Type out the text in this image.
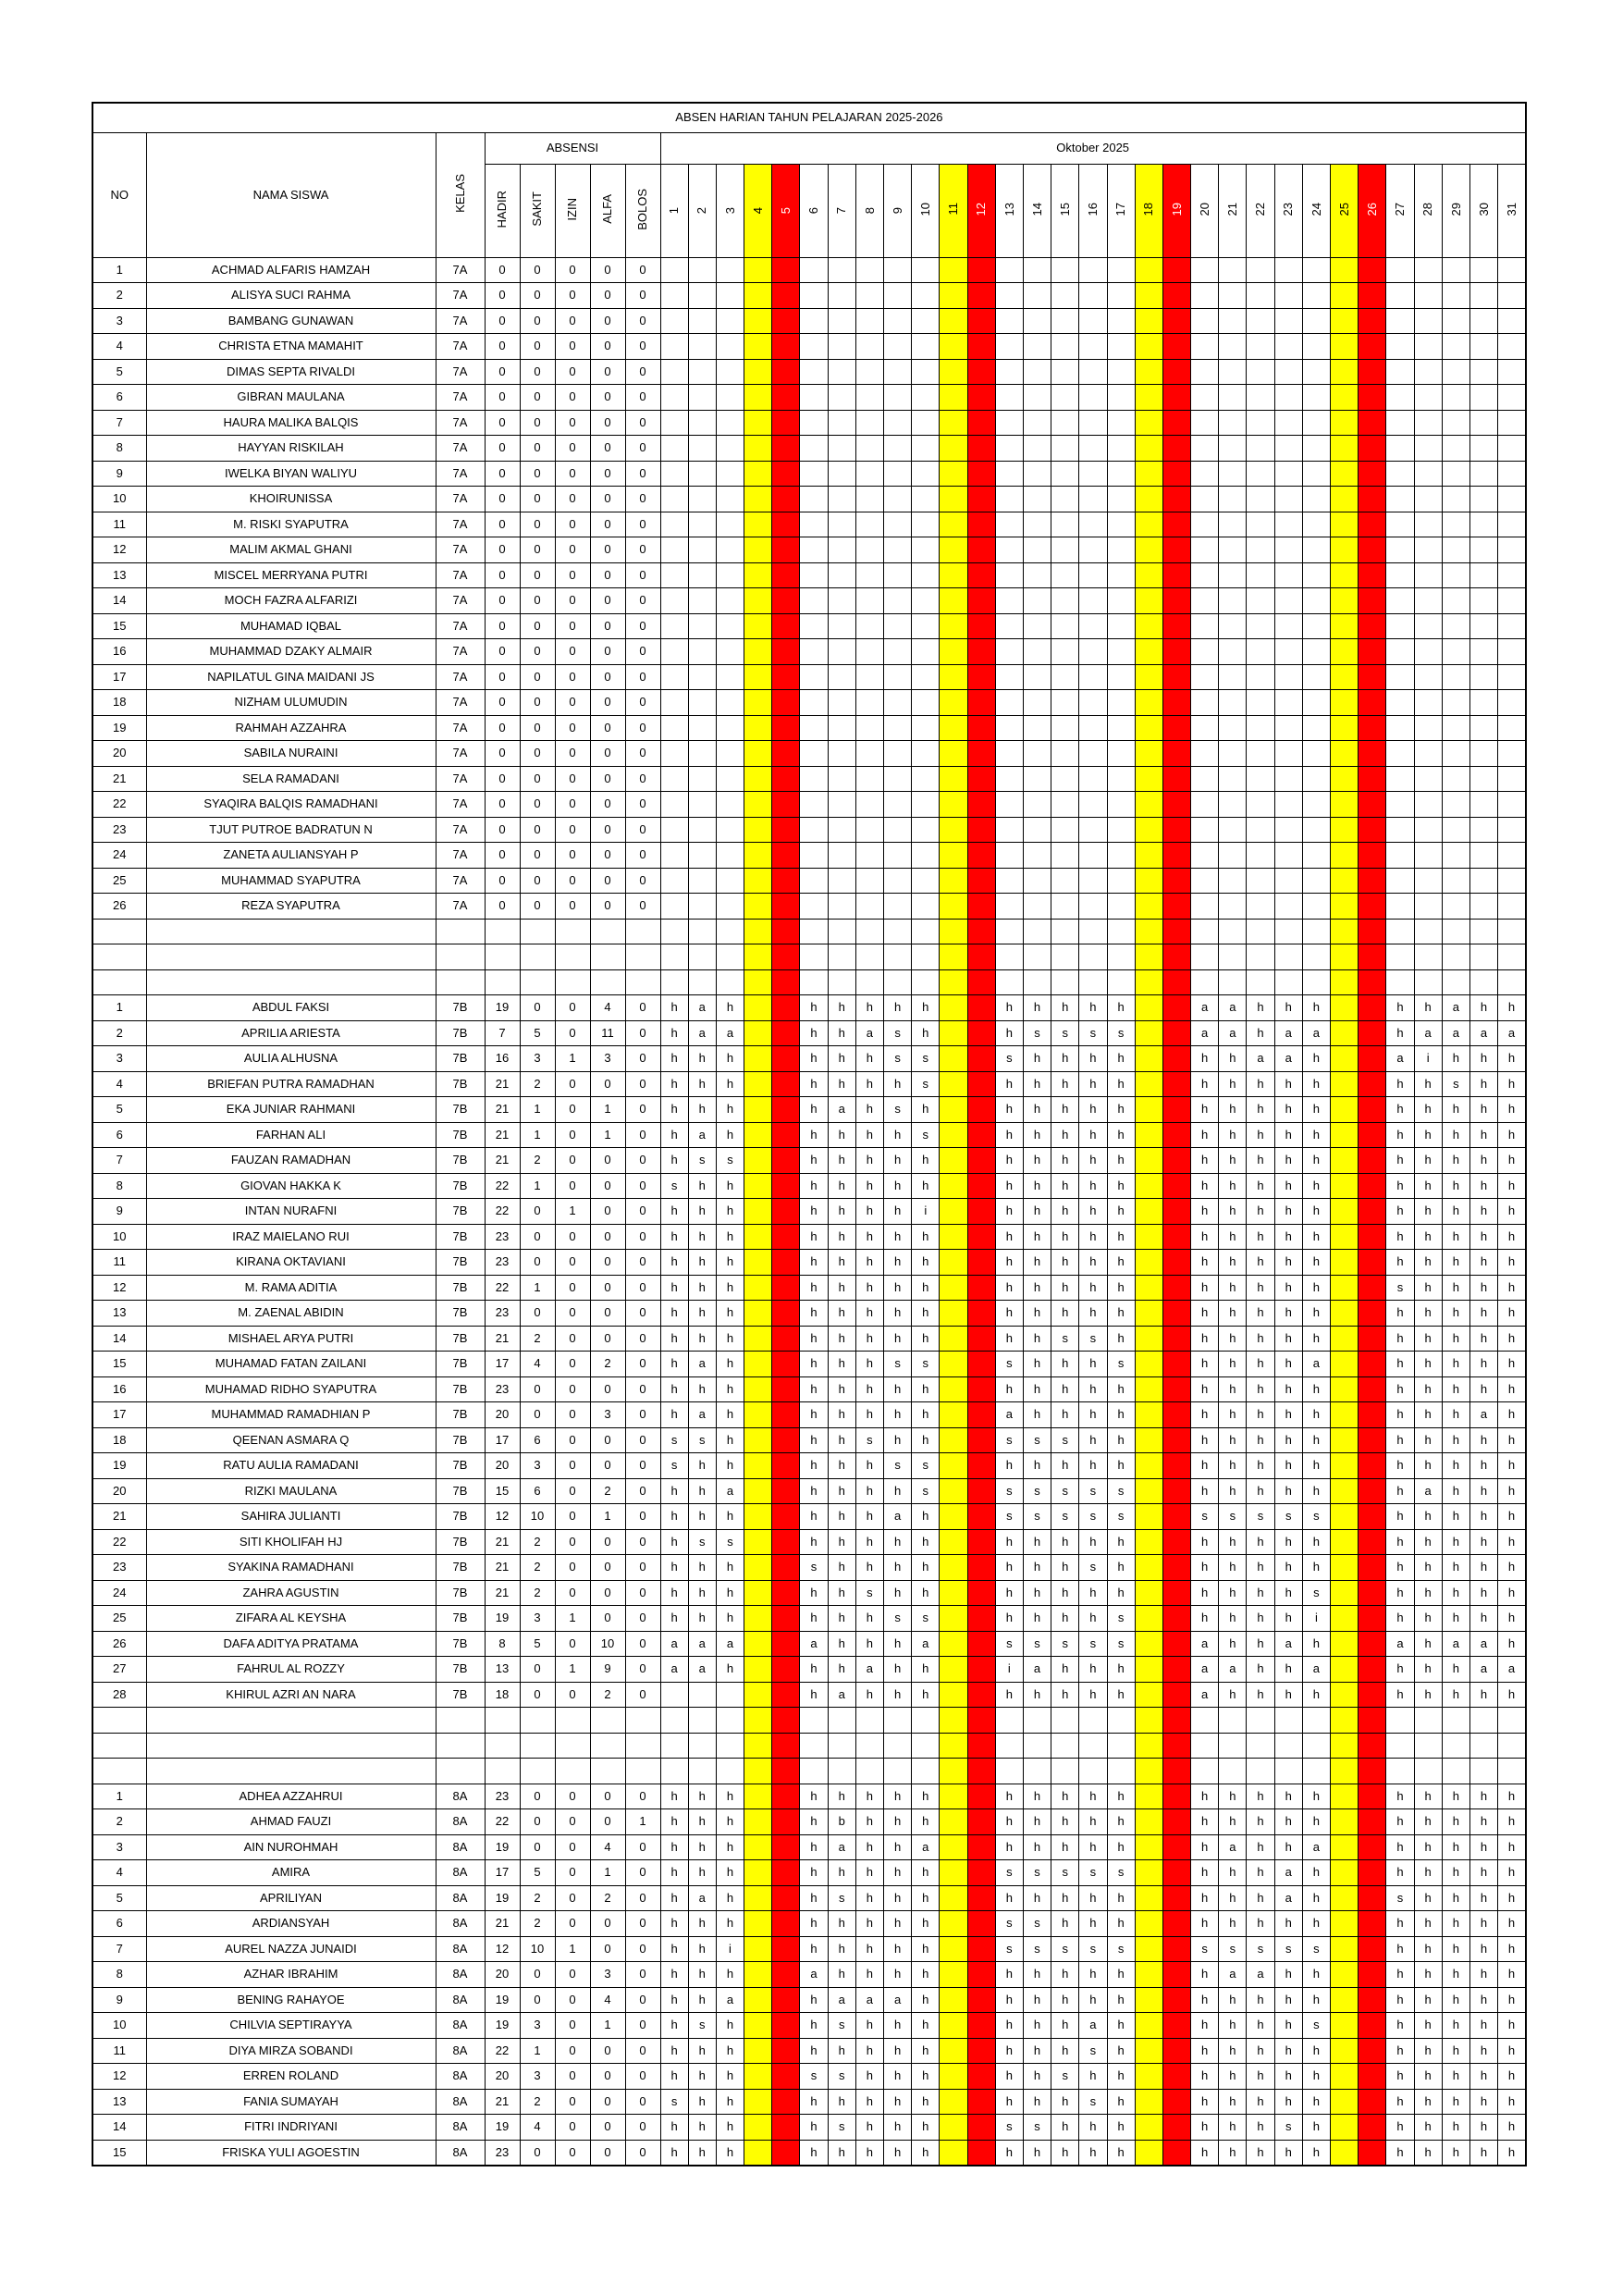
ABSEN HARIAN TAHUN PELAJARAN 2025-2026																																						
NO	NAMA SISWA	KELAS	ABSENSI					Oktober 2025																														
			HADIR	SAKIT	IZIN	ALFA	BOLOS	1	2	3	4	5	6	7	8	9	10	11	12	13	14	15	16	17	18	19	20	21	22	23	24	25	26	27	28	29	30	31
1	ACHMAD ALFARIS HAMZAH	7A	0	0	0	0	0																															
2	ALISYA SUCI RAHMA	7A	0	0	0	0	0																															
3	BAMBANG GUNAWAN	7A	0	0	0	0	0																															
4	CHRISTA ETNA MAMAHIT	7A	0	0	0	0	0																															
5	DIMAS SEPTA RIVALDI	7A	0	0	0	0	0																															
6	GIBRAN MAULANA	7A	0	0	0	0	0																															
7	HAURA MALIKA BALQIS	7A	0	0	0	0	0																															
8	HAYYAN RISKILAH	7A	0	0	0	0	0																															
9	IWELKA BIYAN WALIYU	7A	0	0	0	0	0																															
10	KHOIRUNISSA	7A	0	0	0	0	0																															
11	M. RISKI SYAPUTRA	7A	0	0	0	0	0																															
12	MALIM AKMAL GHANI	7A	0	0	0	0	0																															
13	MISCEL MERRYANA PUTRI	7A	0	0	0	0	0																															
14	MOCH FAZRA ALFARIZI	7A	0	0	0	0	0																															
15	MUHAMAD IQBAL	7A	0	0	0	0	0																															
16	MUHAMMAD DZAKY ALMAIR	7A	0	0	0	0	0																															
17	NAPILATUL GINA MAIDANI JS	7A	0	0	0	0	0																															
18	NIZHAM ULUMUDIN	7A	0	0	0	0	0																															
19	RAHMAH AZZAHRA	7A	0	0	0	0	0																															
20	SABILA NURAINI	7A	0	0	0	0	0																															
21	SELA RAMADANI	7A	0	0	0	0	0																															
22	SYAQIRA BALQIS RAMADHANI	7A	0	0	0	0	0																															
23	TJUT PUTROE BADRATUN N	7A	0	0	0	0	0																															
24	ZANETA AULIANSYAH P	7A	0	0	0	0	0																															
25	MUHAMMAD SYAPUTRA	7A	0	0	0	0	0																															
26	REZA SYAPUTRA	7A	0	0	0	0	0																															

1	ABDUL FAKSI	7B	19	0	0	4	0	h	a	h			h	h	h	h	h			h	h	h	h	h			a	a	h	h	h			h	h	a	h	h
2	APRILIA ARIESTA	7B	7	5	0	11	0	h	a	a			h	h	a	s	h			h	s	s	s	s			a	a	h	a	a			h	a	a	a	a
3	AULIA ALHUSNA	7B	16	3	1	3	0	h	h	h			h	h	h	s	s			s	h	h	h	h			h	h	a	a	h			a	i	h	h	h
4	BRIEFAN PUTRA RAMADHAN	7B	21	2	0	0	0	h	h	h			h	h	h	h	s			h	h	h	h	h			h	h	h	h	h			h	h	s	h	h
5	EKA JUNIAR RAHMANI	7B	21	1	0	1	0	h	h	h			h	a	h	s	h			h	h	h	h	h			h	h	h	h	h			h	h	h	h	h
6	FARHAN ALI	7B	21	1	0	1	0	h	a	h			h	h	h	h	s			h	h	h	h	h			h	h	h	h	h			h	h	h	h	h
7	FAUZAN RAMADHAN	7B	21	2	0	0	0	h	s	s			h	h	h	h	h			h	h	h	h	h			h	h	h	h	h			h	h	h	h	h
8	GIOVAN HAKKA K	7B	22	1	0	0	0	s	h	h			h	h	h	h	h			h	h	h	h	h			h	h	h	h	h			h	h	h	h	h
9	INTAN NURAFNI	7B	22	0	1	0	0	h	h	h			h	h	h	h	i			h	h	h	h	h			h	h	h	h	h			h	h	h	h	h
10	IRAZ MAIELANO RUI	7B	23	0	0	0	0	h	h	h			h	h	h	h	h			h	h	h	h	h			h	h	h	h	h			h	h	h	h	h
11	KIRANA OKTAVIANI	7B	23	0	0	0	0	h	h	h			h	h	h	h	h			h	h	h	h	h			h	h	h	h	h			h	h	h	h	h
12	M. RAMA ADITIA	7B	22	1	0	0	0	h	h	h			h	h	h	h	h			h	h	h	h	h			h	h	h	h	h			s	h	h	h	h
13	M. ZAENAL ABIDIN	7B	23	0	0	0	0	h	h	h			h	h	h	h	h			h	h	h	h	h			h	h	h	h	h			h	h	h	h	h
14	MISHAEL ARYA PUTRI	7B	21	2	0	0	0	h	h	h			h	h	h	h	h			h	h	s	s	h			h	h	h	h	h			h	h	h	h	h
15	MUHAMAD FATAN ZAILANI	7B	17	4	0	2	0	h	a	h			h	h	h	s	s			s	h	h	h	s			h	h	h	h	a			h	h	h	h	h
16	MUHAMAD RIDHO SYAPUTRA	7B	23	0	0	0	0	h	h	h			h	h	h	h	h			h	h	h	h	h			h	h	h	h	h			h	h	h	h	h
17	MUHAMMAD RAMADHIAN P	7B	20	0	0	3	0	h	a	h			h	h	h	h	h			a	h	h	h	h			h	h	h	h	h			h	h	h	a	h
18	QEENAN ASMARA Q	7B	17	6	0	0	0	s	s	h			h	h	s	h	h			s	s	s	h	h			h	h	h	h	h			h	h	h	h	h
19	RATU AULIA RAMADANI	7B	20	3	0	0	0	s	h	h			h	h	h	s	s			h	h	h	h	h			h	h	h	h	h			h	h	h	h	h
20	RIZKI MAULANA	7B	15	6	0	2	0	h	h	a			h	h	h	h	s			s	s	s	s	s			h	h	h	h	h			h	a	h	h	h
21	SAHIRA JULIANTI	7B	12	10	0	1	0	h	h	h			h	h	h	a	h			s	s	s	s	s			s	s	s	s	s			h	h	h	h	h
22	SITI KHOLIFAH HJ	7B	21	2	0	0	0	h	s	s			h	h	h	h	h			h	h	h	h	h			h	h	h	h	h			h	h	h	h	h
23	SYAKINA RAMADHANI	7B	21	2	0	0	0	h	h	h			s	h	h	h	h			h	h	h	s	h			h	h	h	h	h			h	h	h	h	h
24	ZAHRA AGUSTIN	7B	21	2	0	0	0	h	h	h			h	h	s	h	h			h	h	h	h	h			h	h	h	h	s			h	h	h	h	h
25	ZIFARA AL KEYSHA	7B	19	3	1	0	0	h	h	h			h	h	h	s	s			h	h	h	h	s			h	h	h	h	i			h	h	h	h	h
26	DAFA ADITYA PRATAMA	7B	8	5	0	10	0	a	a	a			a	h	h	h	a			s	s	s	s	s			a	h	h	a	h			a	h	a	a	h
27	FAHRUL AL ROZZY	7B	13	0	1	9	0	a	a	h			h	h	a	h	h			i	a	h	h	h			a	a	h	h	a			h	h	h	a	a
28	KHIRUL AZRI AN NARA	7B	18	0	0	2	0						h	a	h	h	h			h	h	h	h	h			a	h	h	h	h			h	h	h	h	h

1	ADHEA AZZAHRUI	8A	23	0	0	0	0	h	h	h			h	h	h	h	h			h	h	h	h	h			h	h	h	h	h			h	h	h	h	h
2	AHMAD FAUZI	8A	22	0	0	0	1	h	h	h			h	b	h	h	h			h	h	h	h	h			h	h	h	h	h			h	h	h	h	h
3	AIN NUROHMAH	8A	19	0	0	4	0	h	h	h			h	a	h	h	a			h	h	h	h	h			h	a	h	h	a			h	h	h	h	h
4	AMIRA	8A	17	5	0	1	0	h	h	h			h	h	h	h	h			s	s	s	s	s			h	h	h	a	h			h	h	h	h	h
5	APRILIYAN	8A	19	2	0	2	0	h	a	h			h	s	h	h	h			h	h	h	h	h			h	h	h	a	h			s	h	h	h	h
6	ARDIANSYAH	8A	21	2	0	0	0	h	h	h			h	h	h	h	h			s	s	h	h	h			h	h	h	h	h			h	h	h	h	h
7	AUREL NAZZA JUNAIDI	8A	12	10	1	0	0	h	h	i			h	h	h	h	h			s	s	s	s	s			s	s	s	s	s			h	h	h	h	h
8	AZHAR IBRAHIM	8A	20	0	0	3	0	h	h	h			a	h	h	h	h			h	h	h	h	h			h	a	a	h	h			h	h	h	h	h
9	BENING RAHAYOE	8A	19	0	0	4	0	h	h	a			h	a	a	a	h			h	h	h	h	h			h	h	h	h	h			h	h	h	h	h
10	CHILVIA SEPTIRAYYA	8A	19	3	0	1	0	h	s	h			h	s	h	h	h			h	h	h	a	h			h	h	h	h	s			h	h	h	h	h
11	DIYA MIRZA SOBANDI	8A	22	1	0	0	0	h	h	h			h	h	h	h	h			h	h	h	s	h			h	h	h	h	h			h	h	h	h	h
12	ERREN ROLAND	8A	20	3	0	0	0	h	h	h			s	s	h	h	h			h	h	s	h	h			h	h	h	h	h			h	h	h	h	h
13	FANIA SUMAYAH	8A	21	2	0	0	0	s	h	h			h	h	h	h	h			h	h	h	s	h			h	h	h	h	h			h	h	h	h	h
14	FITRI INDRIYANI	8A	19	4	0	0	0	h	h	h			h	s	h	h	h			s	s	h	h	h			h	h	h	s	h			h	h	h	h	h
15	FRISKA YULI AGOESTIN	8A	23	0	0	0	0	h	h	h			h	h	h	h	h			h	h	h	h	h			h	h	h	h	h			h	h	h	h	h
